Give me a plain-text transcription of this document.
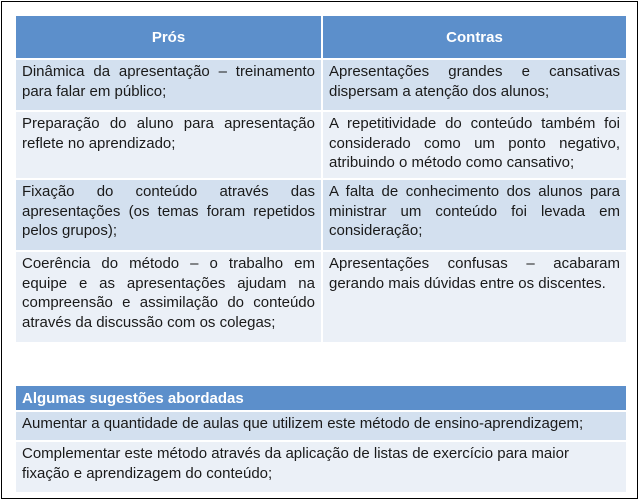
Prós	Contras
Dinâmica da apresentação – treinamento para falar em público;	Apresentações grandes e cansativas dispersam a atenção dos alunos;
Preparação do aluno para apresentação reflete no aprendizado;	A repetitividade do conteúdo também foi considerado como um ponto negativo, atribuindo o método como cansativo;
Fixação do conteúdo através das apresentações (os temas foram repetidos pelos grupos);	A falta de conhecimento dos alunos para ministrar um conteúdo foi levada em consideração;
Coerência do método – o trabalho em equipe e as apresentações ajudam na compreensão e assimilação do conteúdo através da discussão com os colegas;	Apresentações confusas – acabaram gerando mais dúvidas entre os discentes.
Algumas sugestões abordadas
Aumentar a quantidade de aulas que utilizem este método de ensino-aprendizagem;
Complementar este método através da aplicação de listas de exercício para maior fixação e aprendizagem do conteúdo;
